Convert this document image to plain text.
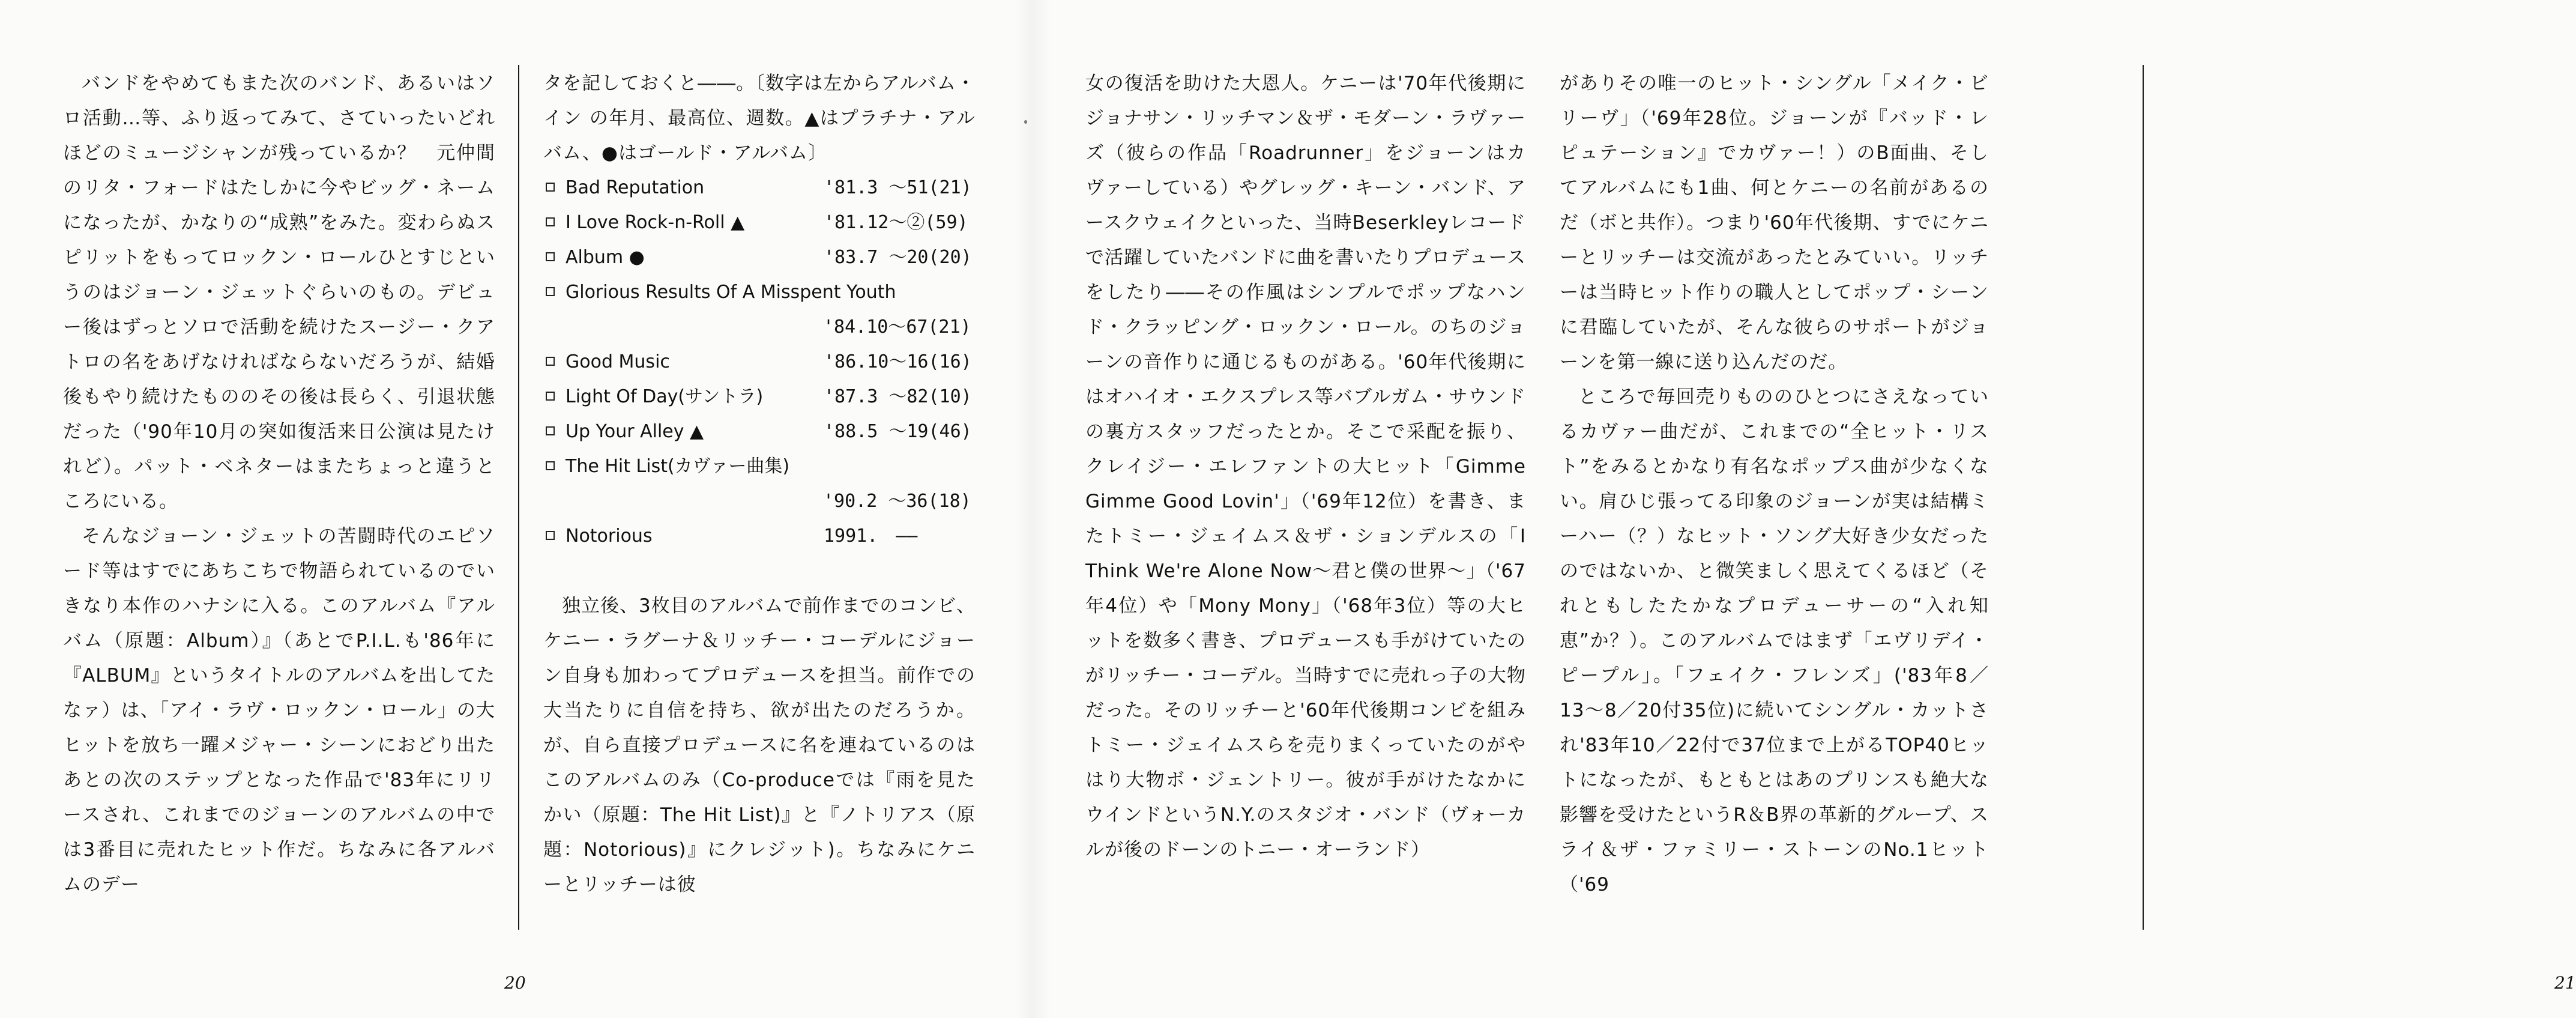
バンドをやめてもまた次のバンド、あるいはソロ活動…等、ふり返ってみて、さていったいどれほどのミュージシャンが残っているか？　元仲間のリタ・フォードはたしかに今やビッグ・ネームになったが、かなりの“成熟”をみた。変わらぬスピリットをもってロックン・ロールひとすじというのはジョーン・ジェットぐらいのもの。デビュー後はずっとソロで活動を続けたスージー・クアトロの名をあげなければならないだろうが、結婚後もやり続けたもののその後は長らく、引退状態だった（'90年10月の突如復活来日公演は見たけれど）。パット・ベネターはまたちょっと違うところにいる。

そんなジョーン・ジェットの苦闘時代のエピソード等はすでにあちこちで物語られているのでいきなり本作のハナシに入る。このアルバム『アルバム（原題：Album）』（あとでP.I.L.も'86年に『ALBUM』というタイトルのアルバムを出してたなァ）は、「アイ・ラヴ・ロックン・ロール」の大ヒットを放ち一躍メジャー・シーンにおどり出たあとの次のステップとなった作品で'83年にリリースされ、これまでのジョーンのアルバムの中では3番目に売れたヒット作だ。ちなみに各アルバムのデー

タを記しておくと――。〔数字は左からアルバム・イン の年月、最高位、週数。▲はプラチナ・アルバム、●はゴールド・アルバム〕

Bad Reputation	'81.3 〜51(21)
I Love Rock-n-Roll ▲	'81.12〜②(59)
Album ●	'83.7 〜20(20)
Glorious Results Of A Misspent Youth
'84.10〜67(21)
Good Music	'86.10〜16(16)
Light Of Day(サントラ)	'87.3 〜82(10)
Up Your Alley ▲	'88.5 〜19(46)
The Hit List(カヴァー曲集)
'90.2 〜36(18)
Notorious	1991.　――

独立後、3枚目のアルバムで前作までのコンビ、ケニー・ラグーナ＆リッチー・コーデルにジョーン自身も加わってプロデュースを担当。前作での大当たりに自信を持ち、欲が出たのだろうか。が、自ら直接プロデュースに名を連ねているのはこのアルバムのみ（Co-produceでは『雨を見たかい（原題：The Hit List)』と『ノトリアス（原題：Notorious)』にクレジット)。ちなみにケニーとリッチーは彼

20

女の復活を助けた大恩人。ケニーは'70年代後期にジョナサン・リッチマン＆ザ・モダーン・ラヴァーズ（彼らの作品「Roadrunner」をジョーンはカヴァーしている）やグレッグ・キーン・バンド、アースクウェイクといった、当時Beserkleyレコードで活躍していたバンドに曲を書いたりプロデュースをしたり――その作風はシンプルでポップなハンド・クラッピング・ロックン・ロール。のちのジョーンの音作りに通じるものがある。'60年代後期にはオハイオ・エクスプレス等バブルガム・サウンドの裏方スタッフだったとか。そこで采配を振り、クレイジー・エレファントの大ヒット「Gimme Gimme Good Lovin'」（'69年12位）を書き、またトミー・ジェイムス＆ザ・ションデルスの「I Think We're Alone Now〜君と僕の世界〜」（'67年4位）や「Mony Mony」（'68年3位）等の大ヒットを数多く書き、プロデュースも手がけていたのがリッチー・コーデル。当時すでに売れっ子の大物だった。そのリッチーと'60年代後期コンビを組みトミー・ジェイムスらを売りまくっていたのがやはり大物ボ・ジェントリー。彼が手がけたなかにウインドというN.Y.のスタジオ・バンド（ヴォーカルが後のドーンのトニー・オーランド）

がありその唯一のヒット・シングル「メイク・ビリーヴ」（'69年28位。ジョーンが『バッド・レピュテーション』でカヴァー！）のB面曲、そしてアルバムにも1曲、何とケニーの名前があるのだ（ボと共作）。つまり'60年代後期、すでにケニーとリッチーは交流があったとみていい。リッチーは当時ヒット作りの職人としてポップ・シーンに君臨していたが、そんな彼らのサポートがジョーンを第一線に送り込んだのだ。

ところで毎回売りもののひとつにさえなっているカヴァー曲だが、これまでの“全ヒット・リスト”をみるとかなり有名なポップス曲が少なくない。肩ひじ張ってる印象のジョーンが実は結構ミーハー（？）なヒット・ソング大好き少女だったのではないか、と微笑ましく思えてくるほど（それともしたたかなプロデューサーの“入れ知恵”か？）。このアルバムではまず「エヴリデイ・ピープル」。「フェイク・フレンズ」('83年8／13〜8／20付35位)に続いてシングル・カットされ'83年10／22付で37位まで上がるTOP40ヒットになったが、もともとはあのプリンスも絶大な影響を受けたというR＆B界の革新的グループ、スライ＆ザ・ファミリー・ストーンのNo.1ヒット（'69

21
